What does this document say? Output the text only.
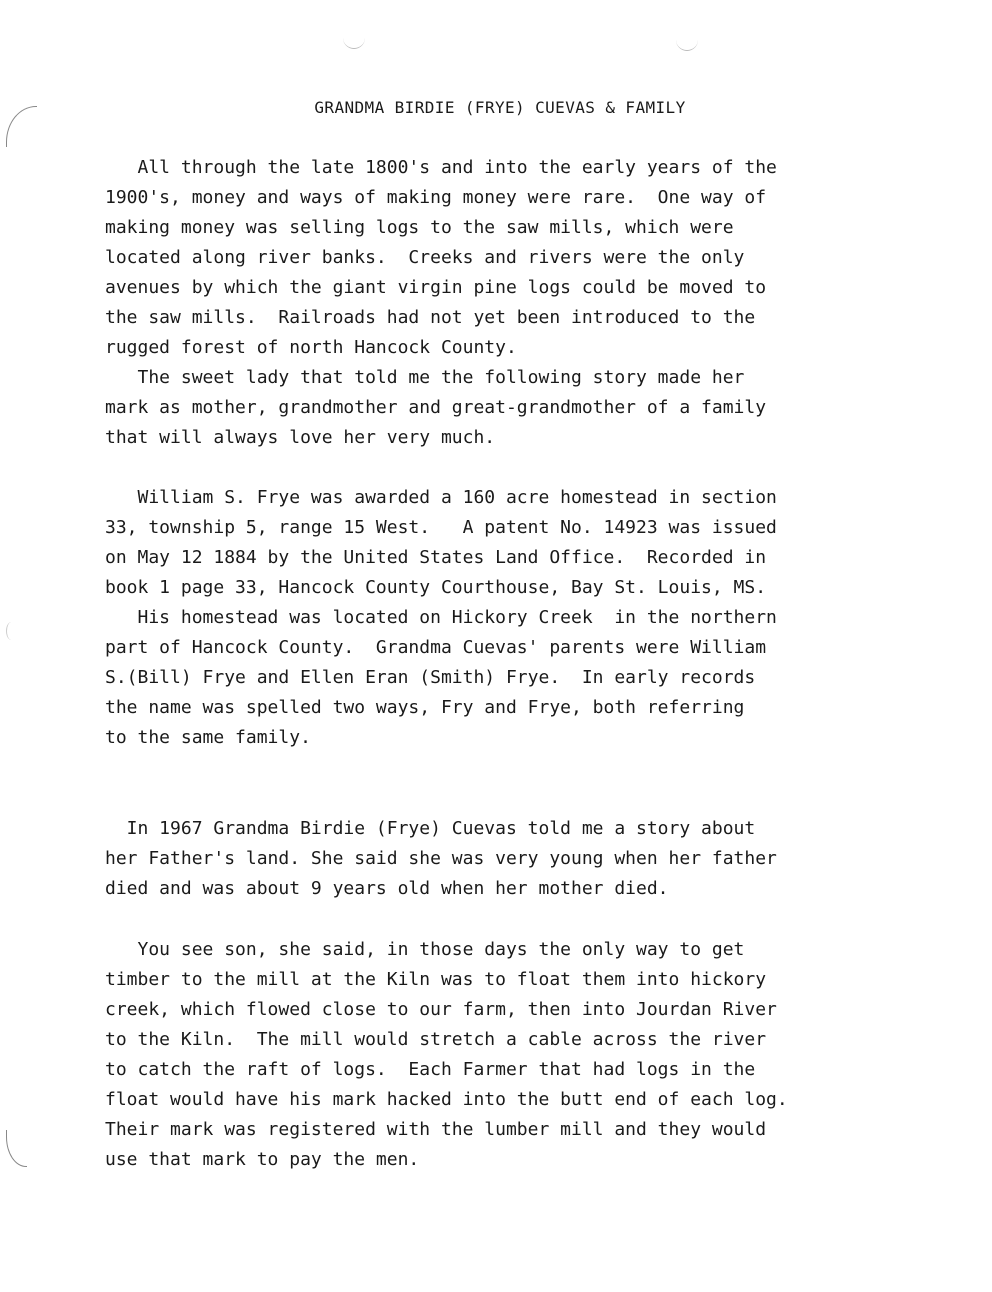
GRANDMA BIRDIE (FRYE) CUEVAS & FAMILY
All through the late 1800's and into the early years of the
1900's, money and ways of making money were rare.  One way of
making money was selling logs to the saw mills, which were
located along river banks.  Creeks and rivers were the only
avenues by which the giant virgin pine logs could be moved to
the saw mills.  Railroads had not yet been introduced to the
rugged forest of north Hancock County.
The sweet lady that told me the following story made her
mark as mother, grandmother and great-grandmother of a family
that will always love her very much.
William S. Frye was awarded a 160 acre homestead in section
33, township 5, range 15 West.   A patent No. 14923 was issued
on May 12 1884 by the United States Land Office.  Recorded in
book 1 page 33, Hancock County Courthouse, Bay St. Louis, MS.
His homestead was located on Hickory Creek  in the northern
part of Hancock County.  Grandma Cuevas' parents were William
S.(Bill) Frye and Ellen Eran (Smith) Frye.  In early records
the name was spelled two ways, Fry and Frye, both referring
to the same family.
In 1967 Grandma Birdie (Frye) Cuevas told me a story about
her Father's land. She said she was very young when her father
died and was about 9 years old when her mother died.
You see son, she said, in those days the only way to get
timber to the mill at the Kiln was to float them into hickory
creek, which flowed close to our farm, then into Jourdan River
to the Kiln.  The mill would stretch a cable across the river
to catch the raft of logs.  Each Farmer that had logs in the
float would have his mark hacked into the butt end of each log.
Their mark was registered with the lumber mill and they would
use that mark to pay the men.
